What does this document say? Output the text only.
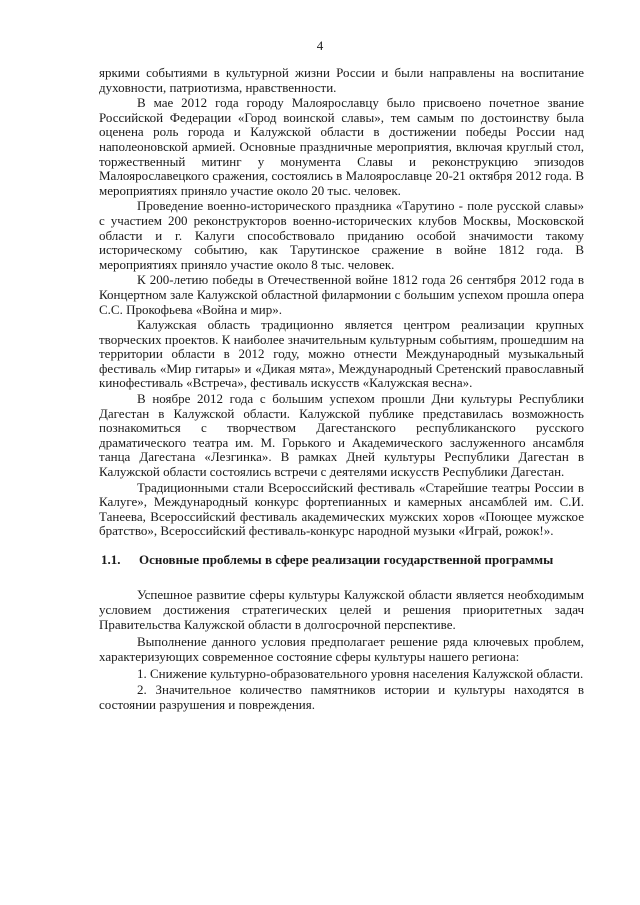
4

яркими событиями в культурной жизни России и были направлены на воспитание духовности, патриотизма, нравственности.

В мае 2012 года городу Малоярославцу было присвоено почетное звание Российской Федерации «Город воинской славы», тем самым по достоинству была оценена роль города и Калужской области в достижении победы России над наполеоновской армией. Основные праздничные мероприятия, включая круглый стол, торжественный митинг у монумента Славы и реконструкцию эпизодов Малоярославецкого сражения, состоялись в Малоярославце 20-21 октября 2012 года. В мероприятиях приняло участие около 20 тыс. человек.

Проведение военно-исторического праздника «Тарутино - поле русской славы» с участием 200 реконструкторов военно-исторических клубов Москвы, Московской области и г. Калуги способствовало приданию особой значимости такому историческому событию, как Тарутинское сражение в войне 1812 года. В мероприятиях приняло участие около 8 тыс. человек.

К 200-летию победы в Отечественной войне 1812 года 26 сентября 2012 года в Концертном зале Калужской областной филармонии с большим успехом прошла опера С.С. Прокофьева «Война и мир».

Калужская область традиционно является центром реализации крупных творческих проектов. К наиболее значительным культурным событиям, прошедшим на территории области в 2012 году, можно отнести Международный музыкальный фестиваль «Мир гитары» и «Дикая мята», Международный Сретенский православный кинофестиваль «Встреча», фестиваль искусств «Калужская весна».

В ноябре 2012 года с большим успехом прошли Дни культуры Республики Дагестан в Калужской области. Калужской публике представилась возможность познакомиться с творчеством Дагестанского республиканского русского драматического театра им. М. Горького и Академического заслуженного ансамбля танца Дагестана «Лезгинка». В рамках Дней культуры Республики Дагестан в Калужской области состоялись встречи с деятелями искусств Республики Дагестан.

Традиционными стали Всероссийский фестиваль «Старейшие театры России в Калуге», Международный конкурс фортепианных и камерных ансамблей им. С.И. Танеева, Всероссийский фестиваль академических мужских хоров «Поющее мужское братство», Всероссийский фестиваль-конкурс народной музыки «Играй, рожок!».

1.1.	Основные проблемы в сфере реализации государственной программы

Успешное развитие сферы культуры Калужской области является необходимым условием достижения стратегических целей и решения приоритетных задач Правительства Калужской области в долгосрочной перспективе.

Выполнение данного условия предполагает решение ряда ключевых проблем, характеризующих современное состояние сферы культуры нашего региона:

1. Снижение культурно-образовательного уровня населения Калужской области.

2. Значительное количество памятников истории и культуры находятся в состоянии разрушения и повреждения.
